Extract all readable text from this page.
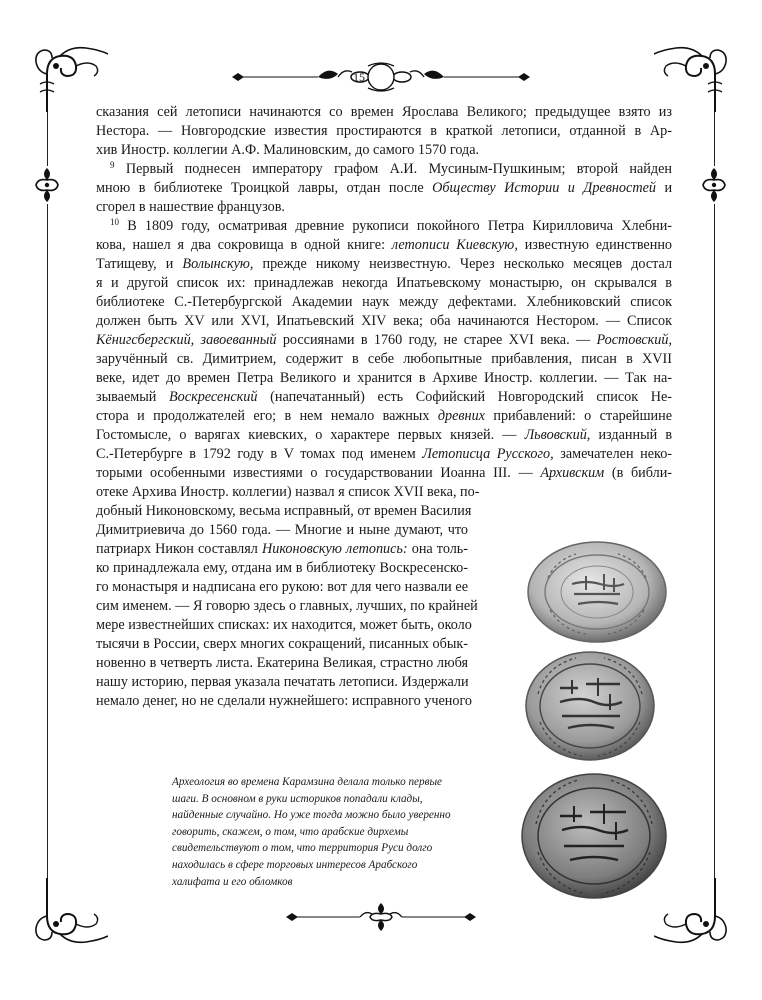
15
сказания сей летописи начинаются со времен Ярослава Великого; предыдущее взято из
Нестора. — Новгородские известия простираются в краткой летописи, отданной в Ар-
хив Иностр. коллегии А.Ф. Малиновским, до самого 1570 года.
$^9$ Первый поднесен императору графом А.И. Мусиным-Пушкиным; второй найден
мною в библиотеке Троицкой лавры, отдан после Обществу Истории и Древностей и
сгорел в нашествие французов.
$^{10}$ В 1809 году, осматривая древние рукописи покойного Петра Кирилловича Хлебни-
кова, нашел я два сокровища в одной книге: летописи Киевскую, известную единственно
Татищеву, и Волынскую, прежде никому неизвестную. Через несколько месяцев достал
я и другой список их: принадлежав некогда Ипатьевскому монастырю, он скрывался в
библиотеке С.-Петербургской Академии наук между дефектами. Хлебниковский список
должен быть XV или XVI, Ипатьевский XIV века; оба начинаются Нестором. — Список
Кёнигсбергский, завоеванный россиянами в 1760 году, не старее XVI века. — Ростовский,
заручённый св. Димитрием, содержит в себе любопытные прибавления, писан в XVII
веке, идет до времен Петра Великого и хранится в Архиве Иностр. коллегии. — Так на-
зываемый Воскресенский (напечатанный) есть Софийский Новгородский список Не-
стора и продолжателей его; в нем немало важных древних прибавлений: о старейшине
Гостомысле, о варягах киевских, о характере первых князей. — Львовский, изданный в
С.-Петербурге в 1792 году в V томах под именем Летописца Русского, замечателен неко-
торыми особенными известиями о государствовании Иоанна III. — Архивским (в библи-
отеке Архива Иностр. коллегии) назвал я список XVII века, по-
добный Никоновскому, весьма исправный, от времен Василия
Димитриевича до 1560 года. — Многие и ныне думают, что
патриарх Никон составлял Никоновскую летопись: она толь-
ко принадлежала ему, отдана им в библиотеку Воскресенско-
го монастыря и надписана его рукою: вот для чего назвали ее
сим именем. — Я говорю здесь о главных, лучших, по крайней
мере известнейших списках: их находится, может быть, около
тысячи в России, сверх многих сокращений, писанных обык-
новенно в четверть листа. Екатерина Великая, страстно любя
нашу историю, первая указала печатать летописи. Издержали
немало денег, но не сделали нужнейшего: исправного ученого
Археология во времена Карамзина делала только первые
шаги. В основном в руки историков попадали клады,
найденные случайно. Но уже тогда можно было уверенно
говорить, скажем, о том, что арабские дирхемы
свидетельствуют о том, что территория Руси долго
находилась в сфере торговых интересов Арабского
халифата и его обломков
